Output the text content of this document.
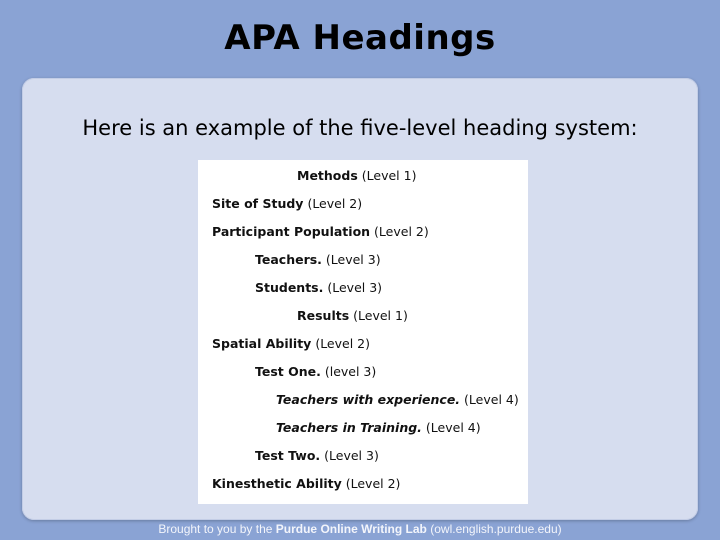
APA Headings
Here is an example of the five-level heading system:
Methods (Level 1)
Site of Study (Level 2)
Participant Population (Level 2)
Teachers. (Level 3)
Students. (Level 3)
Results (Level 1)
Spatial Ability (Level 2)
Test One. (level 3)
Teachers with experience. (Level 4)
Teachers in Training. (Level 4)
Test Two. (Level 3)
Kinesthetic Ability (Level 2)
Brought to you by the Purdue Online Writing Lab (owl.english.purdue.edu)
